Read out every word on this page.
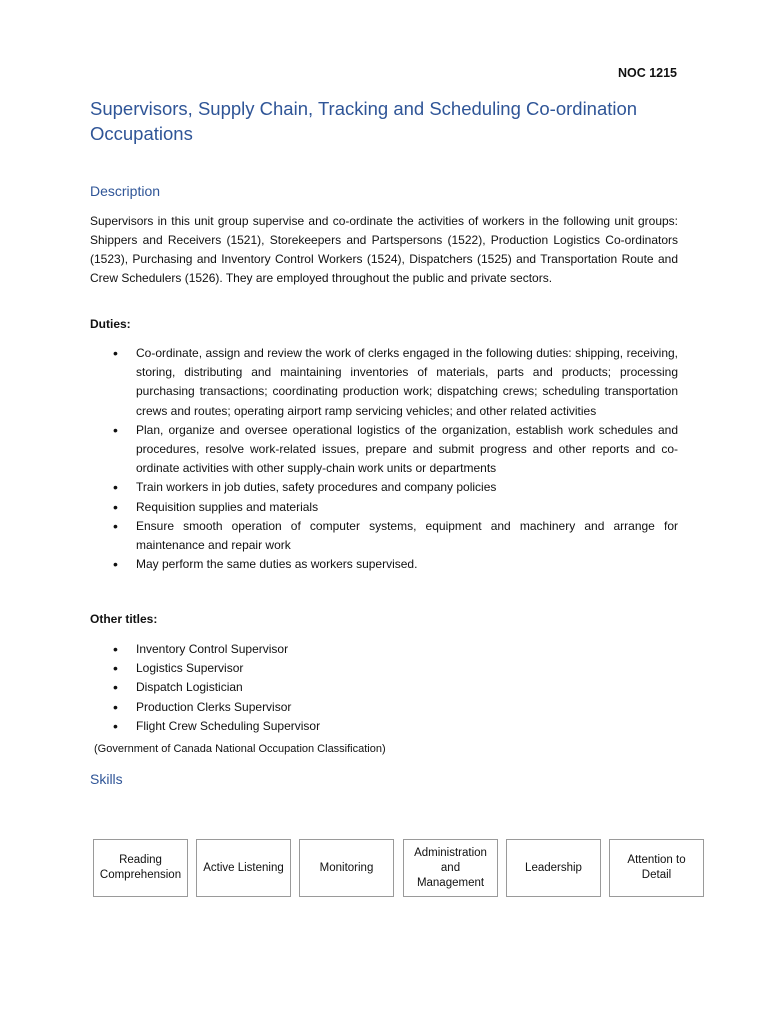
NOC 1215
Supervisors, Supply Chain, Tracking and Scheduling Co-ordination Occupations
Description
Supervisors in this unit group supervise and co-ordinate the activities of workers in the following unit groups: Shippers and Receivers (1521), Storekeepers and Partspersons (1522), Production Logistics Co-ordinators (1523), Purchasing and Inventory Control Workers (1524), Dispatchers (1525) and Transportation Route and Crew Schedulers (1526). They are employed throughout the public and private sectors.
Duties:
• Co-ordinate, assign and review the work of clerks engaged in the following duties: shipping, receiving, storing, distributing and maintaining inventories of materials, parts and products; processing purchasing transactions; coordinating production work; dispatching crews; scheduling transportation crews and routes; operating airport ramp servicing vehicles; and other related activities
• Plan, organize and oversee operational logistics of the organization, establish work schedules and procedures, resolve work-related issues, prepare and submit progress and other reports and co-ordinate activities with other supply-chain work units or departments
• Train workers in job duties, safety procedures and company policies
• Requisition supplies and materials
• Ensure smooth operation of computer systems, equipment and machinery and arrange for maintenance and repair work
• May perform the same duties as workers supervised.
Other titles:
• Inventory Control Supervisor
• Logistics Supervisor
• Dispatch Logistician
• Production Clerks Supervisor
• Flight Crew Scheduling Supervisor
(Government of Canada National Occupation Classification)
Skills
Reading Comprehension
Active Listening	Monitoring
Administration and Management
Leadership
Attention to Detail
